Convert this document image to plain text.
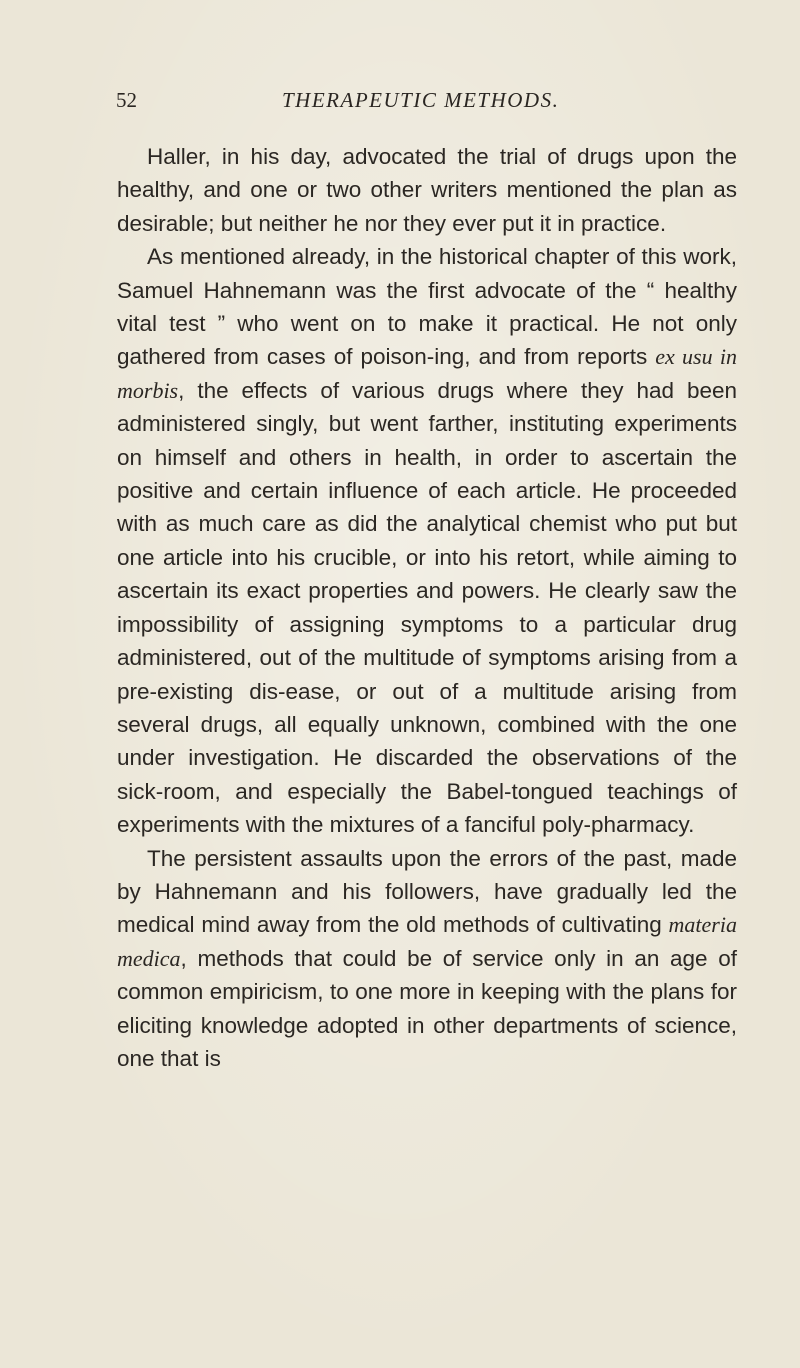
52	THERAPEUTIC METHODS.

Haller, in his day, advocated the trial of drugs upon the healthy, and one or two other writers mentioned the plan as desirable; but neither he nor they ever put it in practice.

As mentioned already, in the historical chapter of this work, Samuel Hahnemann was the first advocate of the “ healthy vital test ” who went on to make it practical. He not only gathered from cases of poison-ing, and from reports ex usu in morbis, the effects of various drugs where they had been administered singly, but went farther, instituting experiments on himself and others in health, in order to ascertain the positive and certain influence of each article. He proceeded with as much care as did the analytical chemist who put but one article into his crucible, or into his retort, while aiming to ascertain its exact properties and powers. He clearly saw the impossibility of assigning symptoms to a particular drug administered, out of the multitude of symptoms arising from a pre-existing dis-ease, or out of a multitude arising from several drugs, all equally unknown, combined with the one under investigation. He discarded the observations of the sick-room, and especially the Babel-tongued teachings of experiments with the mixtures of a fanciful poly-pharmacy.

The persistent assaults upon the errors of the past, made by Hahnemann and his followers, have gradually led the medical mind away from the old methods of cultivating materia medica, methods that could be of service only in an age of common empiricism, to one more in keeping with the plans for eliciting knowledge adopted in other departments of science, one that is
